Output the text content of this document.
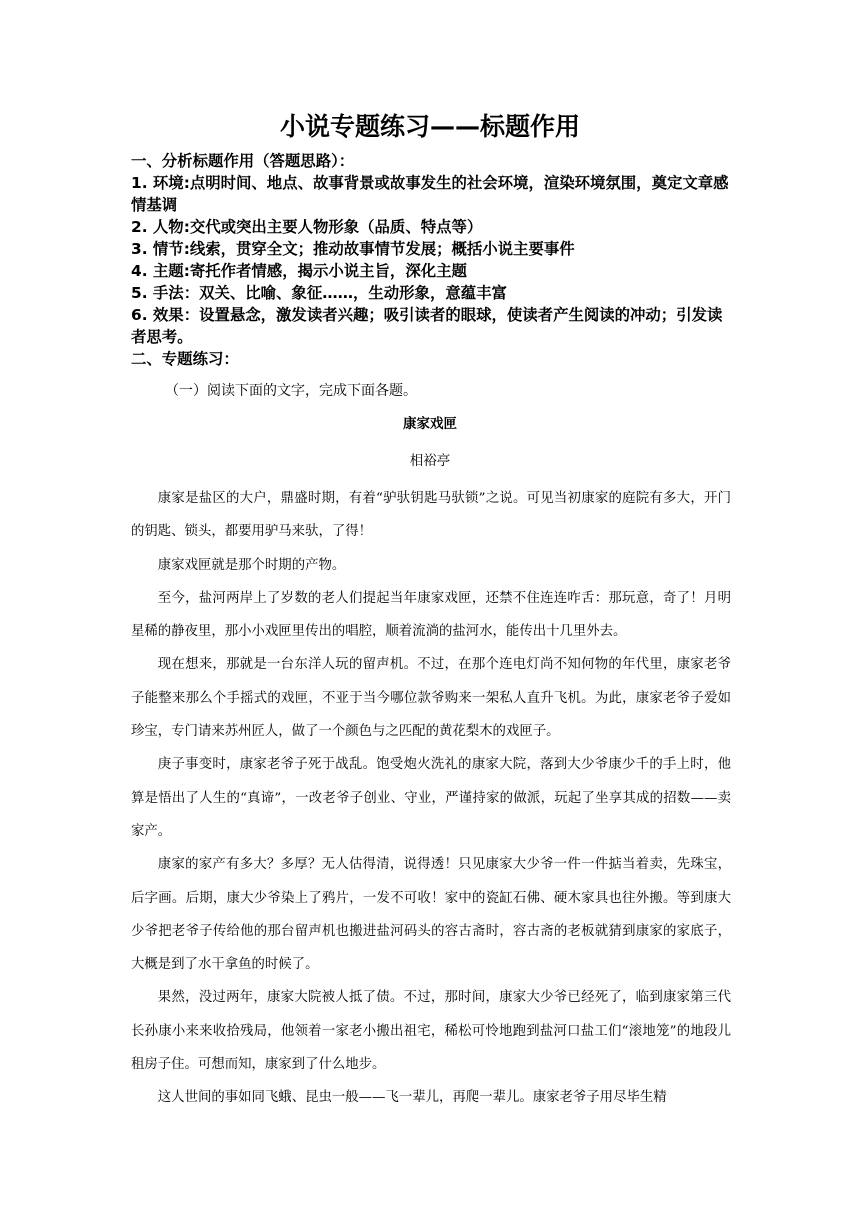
小说专题练习——标题作用

一、分析标题作用（答题思路）：

1. 环境:点明时间、地点、故事背景或故事发生的社会环境，渲染环境氛围，奠定文章感情基调

2. 人物:交代或突出主要人物形象（品质、特点等）

3. 情节:线索，贯穿全文；推动故事情节发展；概括小说主要事件

4. 主题:寄托作者情感，揭示小说主旨，深化主题

5. 手法：双关、比喻、象征……，生动形象，意蕴丰富

6. 效果：设置悬念，激发读者兴趣；吸引读者的眼球，使读者产生阅读的冲动；引发读者思考。

二、专题练习：

（一）阅读下面的文字，完成下面各题。

康家戏匣

相裕亭

康家是盐区的大户，鼎盛时期，有着“驴驮钥匙马驮锁”之说。可见当初康家的庭院有多大，开门的钥匙、锁头，都要用驴马来驮，了得！

康家戏匣就是那个时期的产物。

至今，盐河两岸上了岁数的老人们提起当年康家戏匣，还禁不住连连咋舌：那玩意，奇了！月明星稀的静夜里，那小小戏匣里传出的唱腔，顺着流淌的盐河水，能传出十几里外去。

现在想来，那就是一台东洋人玩的留声机。不过，在那个连电灯尚不知何物的年代里，康家老爷子能整来那么个手摇式的戏匣，不亚于当今哪位款爷购来一架私人直升飞机。为此，康家老爷子爱如珍宝，专门请来苏州匠人，做了一个颜色与之匹配的黄花梨木的戏匣子。

庚子事变时，康家老爷子死于战乱。饱受炮火洗礼的康家大院，落到大少爷康少千的手上时，他算是悟出了人生的“真谛”，一改老爷子创业、守业，严谨持家的做派，玩起了坐享其成的招数——卖家产。

康家的家产有多大？多厚？无人估得清，说得透！只见康家大少爷一件一件掂当着卖，先珠宝，后字画。后期，康大少爷染上了鸦片，一发不可收！家中的瓷缸石佛、硬木家具也往外搬。等到康大少爷把老爷子传给他的那台留声机也搬进盐河码头的容古斋时，容古斋的老板就猜到康家的家底子，大概是到了水干拿鱼的时候了。

果然，没过两年，康家大院被人抵了债。不过，那时间，康家大少爷已经死了，临到康家第三代长孙康小来来收拾残局，他领着一家老小搬出祖宅，稀松可怜地跑到盐河口盐工们“滚地笼”的地段儿租房子住。可想而知，康家到了什么地步。

这人世间的事如同飞蛾、昆虫一般——飞一辈儿，再爬一辈儿。康家老爷子用尽毕生精
